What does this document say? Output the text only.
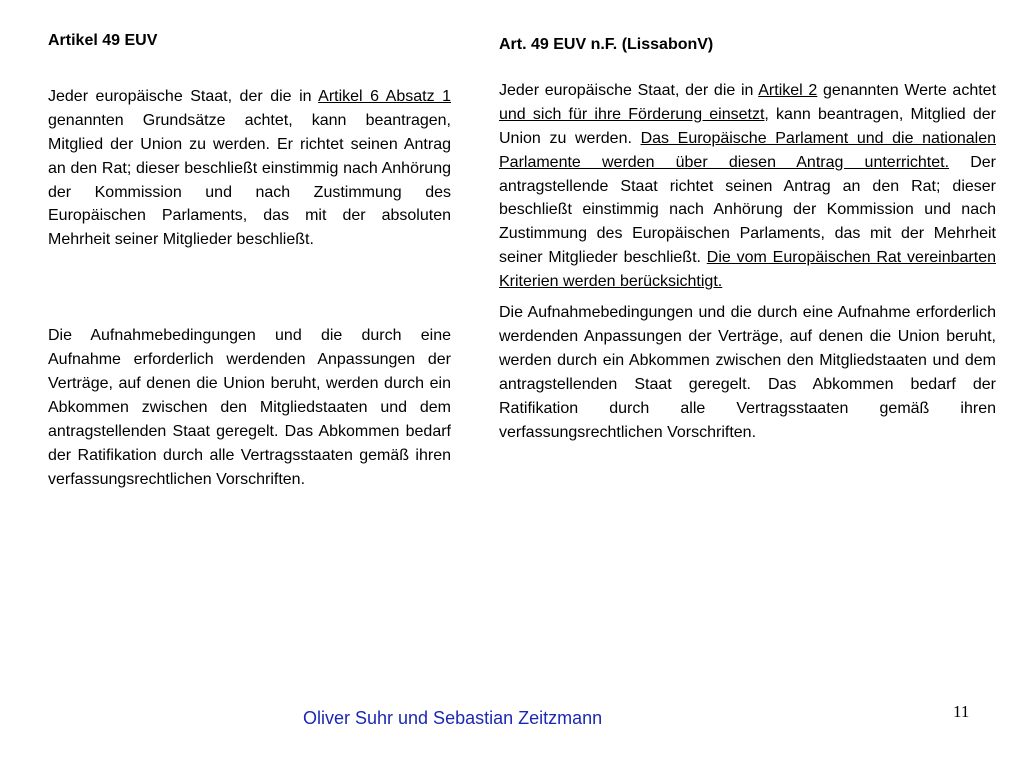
Artikel 49 EUV

Jeder europäische Staat, der die in Artikel 6 Absatz 1 genannten Grundsätze achtet, kann beantragen, Mitglied der Union zu werden. Er richtet seinen Antrag an den Rat; dieser beschließt einstimmig nach Anhörung der Kommission und nach Zustimmung des Europäischen Parlaments, das mit der absoluten Mehrheit seiner Mitglieder beschließt.

Die Aufnahmebedingungen und die durch eine Aufnahme erforderlich werdenden Anpassungen der Verträge, auf denen die Union beruht, werden durch ein Abkommen zwischen den Mitgliedstaaten und dem antragstellenden Staat geregelt. Das Abkommen bedarf der Ratifikation durch alle Vertragsstaaten gemäß ihren verfassungsrechtlichen Vorschriften.

Art. 49 EUV n.F. (LissabonV)

Jeder europäische Staat, der die in Artikel 2 genannten Werte achtet und sich für ihre Förderung einsetzt, kann beantragen, Mitglied der Union zu werden. Das Europäische Parlament und die nationalen Parlamente werden über diesen Antrag unterrichtet. Der antragstellende Staat richtet seinen Antrag an den Rat; dieser beschließt einstimmig nach Anhörung der Kommission und nach Zustimmung des Europäischen Parlaments, das mit der Mehrheit seiner Mitglieder beschließt. Die vom Europäischen Rat vereinbarten Kriterien werden berücksichtigt.

Die Aufnahmebedingungen und die durch eine Aufnahme erforderlich werdenden Anpassungen der Verträge, auf denen die Union beruht, werden durch ein Abkommen zwischen den Mitgliedstaaten und dem antragstellenden Staat geregelt. Das Abkommen bedarf der Ratifikation durch alle Vertragsstaaten gemäß ihren verfassungsrechtlichen Vorschriften.

Oliver Suhr und Sebastian Zeitzmann	11
